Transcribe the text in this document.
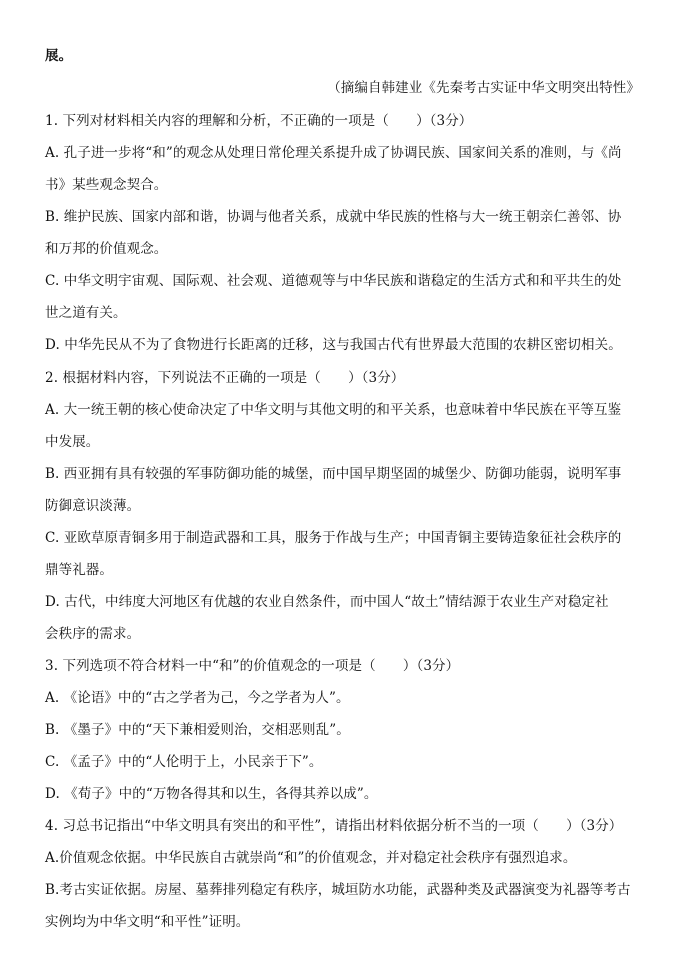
展。
（摘编自韩建业《先秦考古实证中华文明突出特性》
1. 下列对材料相关内容的理解和分析，不正确的一项是（　　）（3分）
A. 孔子进一步将“和”的观念从处理日常伦理关系提升成了协调民族、国家间关系的准则，与《尚
书》某些观念契合。
B. 维护民族、国家内部和谐，协调与他者关系，成就中华民族的性格与大一统王朝亲仁善邻、协
和万邦的价值观念。
C. 中华文明宇宙观、国际观、社会观、道德观等与中华民族和谐稳定的生活方式和和平共生的处
世之道有关。
D. 中华先民从不为了食物进行长距离的迁移，这与我国古代有世界最大范围的农耕区密切相关。
2. 根据材料内容，下列说法不正确的一项是（　　）（3分）
A. 大一统王朝的核心使命决定了中华文明与其他文明的和平关系，也意味着中华民族在平等互鉴
中发展。
B. 西亚拥有具有较强的军事防御功能的城堡，而中国早期坚固的城堡少、防御功能弱，说明军事
防御意识淡薄。
C. 亚欧草原青铜多用于制造武器和工具，服务于作战与生产；中国青铜主要铸造象征社会秩序的
鼎等礼器。
D. 古代，中纬度大河地区有优越的农业自然条件，而中国人“故土”情结源于农业生产对稳定社
会秩序的需求。
3. 下列选项不符合材料一中“和”的价值观念的一项是（　　）（3分）
A. 《论语》中的“古之学者为己，今之学者为人”。
B. 《墨子》中的“天下兼相爱则治，交相恶则乱”。
C. 《孟子》中的“人伦明于上，小民亲于下”。
D. 《荀子》中的“万物各得其和以生，各得其养以成”。
4. 习总书记指出“中华文明具有突出的和平性”，请指出材料依据分析不当的一项（　　）（3分）
A.价值观念依据。中华民族自古就崇尚“和”的价值观念，并对稳定社会秩序有强烈追求。
B.考古实证依据。房屋、墓葬排列稳定有秩序，城垣防水功能，武器种类及武器演变为礼器等考古
实例均为中华文明“和平性”证明。
